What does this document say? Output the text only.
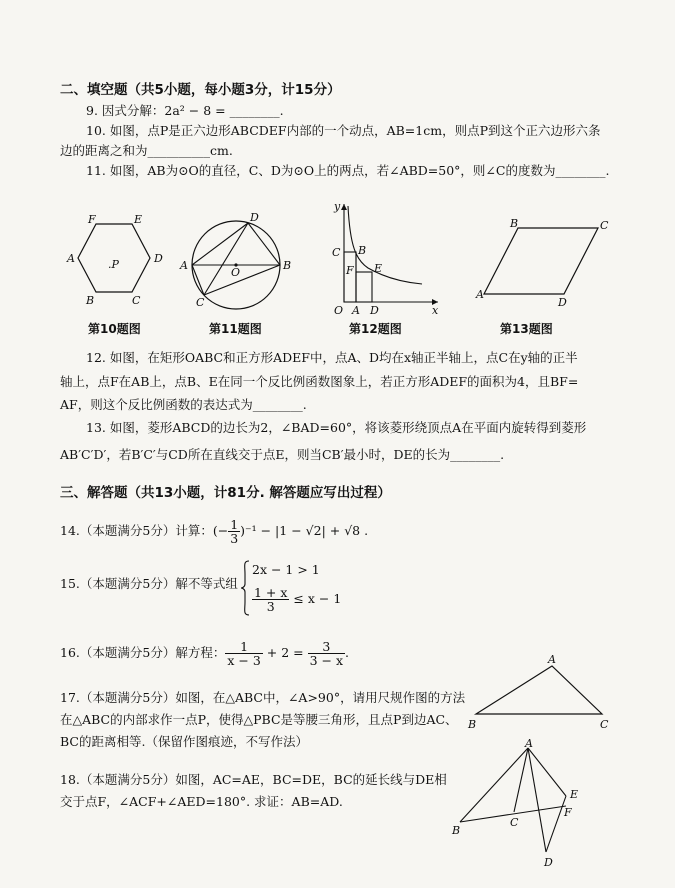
二、填空题（共5小题，每小题3分，计15分）
9. 因式分解：2a² − 8 = ________.
10. 如图，点P是正六边形ABCDEF内部的一个动点，AB=1cm，则点P到这个正六边形六条
边的距离之和为__________cm.
11. 如图，AB为⊙O的直径，C、D为⊙O上的两点，若∠ABD=50°，则∠C的度数为________.
F	E
A	.P	D
B	C
第10题图
D
A
O
B
C
第11题图
y
C B
F E
O A D	x
第12题图
B	C
A
D
第13题图
12. 如图，在矩形OABC和正方形ADEF中，点A、D均在x轴正半轴上，点C在y轴的正半
轴上，点F在AB上，点B、E在同一个反比例函数图象上，若正方形ADEF的面积为4，且BF=
AF，则这个反比例函数的表达式为________.
13. 如图，菱形ABCD的边长为2，∠BAD=60°，将该菱形绕顶点A在平面内旋转得到菱形
AB′C′D′，若B′C′与CD所在直线交于点E，则当CB′最小时，DE的长为________.
三、解答题（共13小题，计81分. 解答题应写出过程）
14.（本题满分5分）计算：(− $\frac{1}{3} )^{-1} - |1 - √2| + √8$ .
15.（本题满分5分）解不等式组
2x − 1 > 1
$\frac{1 + x}{3} \le x - 1$
16.（本题满分5分）解方程： $\frac{1}{x - 3} + 2 = \frac{3}{3 - x}$ .
17.（本题满分5分）如图，在△ABC中，∠A>90°，请用尺规作图的方法
在△ABC的内部求作一点P，使得△PBC是等腰三角形，且点P到边AC、
BC的距离相等.（保留作图痕迹，不写作法）
A
B	C
18.（本题满分5分）如图，AC=AE，BC=DE，BC的延长线与DE相
交于点F，∠ACF+∠AED=180°. 求证：AB=AD.
A
E
F
B
C
D
